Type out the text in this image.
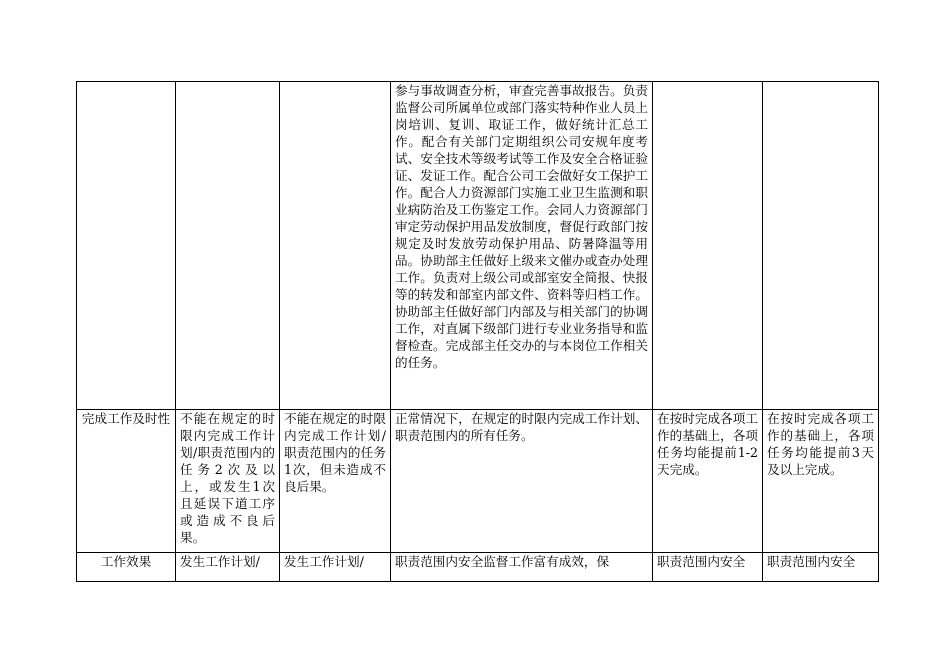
			参与事故调查分析，审查完善事故报告。负责监督公司所属单位或部门落实特种作业人员上岗培训、复训、取证工作，做好统计汇总工作。配合有关部门定期组织公司安规年度考试、安全技术等级考试等工作及安全合格证验证、发证工作。配合公司工会做好女工保护工作。配合人力资源部门实施工业卫生监测和职业病防治及工伤鉴定工作。会同人力资源部门审定劳动保护用品发放制度，督促行政部门按规定及时发放劳动保护用品、防暑降温等用品。协助部主任做好上级来文催办或查办处理工作。负责对上级公司或部室安全简报、快报等的转发和部室内部文件、资料等归档工作。协助部主任做好部门内部及与相关部门的协调工作，对直属下级部门进行专业业务指导和监督检查。完成部主任交办的与本岗位工作相关的任务。		

完成工作及时性	不能在规定的时限内完成工作计划/职责范围内的任务2次及以上，或发生1次且延误下道工序或造成不良后果。	不能在规定的时限内完成工作计划/职责范围内的任务1次，但未造成不良后果。	正常情况下，在规定的时限内完成工作计划、职责范围内的所有任务。	在按时完成各项工作的基础上，各项任务均能提前1-2天完成。	在按时完成各项工作的基础上，各项任务均能提前3天及以上完成。

工作效果	发生工作计划/	发生工作计划/	职责范围内安全监督工作富有成效，保	职责范围内安全	职责范围内安全
